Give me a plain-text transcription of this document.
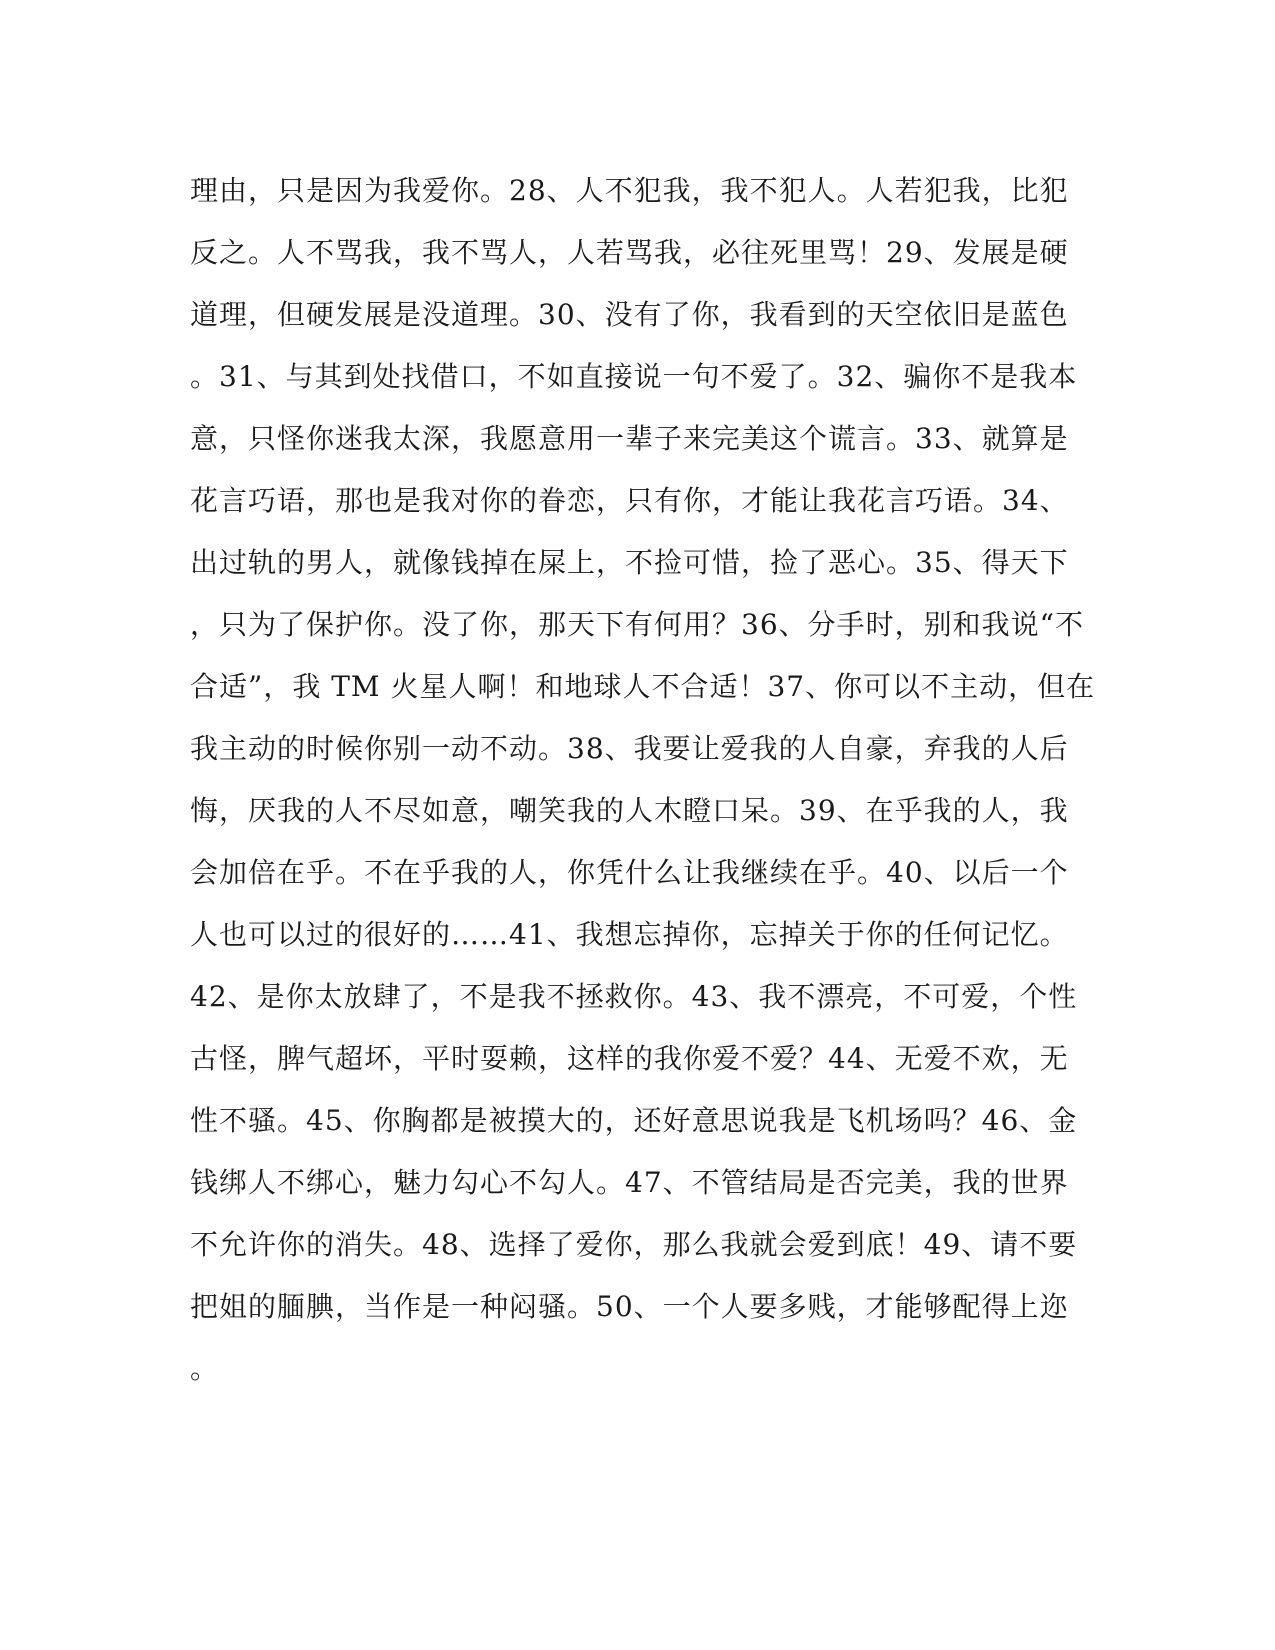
理由，只是因为我爱你。28、人不犯我，我不犯人。人若犯我，比犯
反之。人不骂我，我不骂人，人若骂我，必往死里骂！29、发展是硬
道理，但硬发展是没道理。30、没有了你，我看到的天空依旧是蓝色
。31、与其到处找借口，不如直接说一句不爱了。32、骗你不是我本
意，只怪你迷我太深，我愿意用一辈子来完美这个谎言。33、就算是
花言巧语，那也是我对你的眷恋，只有你，才能让我花言巧语。34、
出过轨的男人，就像钱掉在屎上，不捡可惜，捡了恶心。35、得天下
，只为了保护你。没了你，那天下有何用？36、分手时，别和我说“不
合适”，我 TM 火星人啊！和地球人不合适！37、你可以不主动，但在
我主动的时候你别一动不动。38、我要让爱我的人自豪，弃我的人后
悔，厌我的人不尽如意，嘲笑我的人木瞪口呆。39、在乎我的人，我
会加倍在乎。不在乎我的人，你凭什么让我继续在乎。40、以后一个
人也可以过的很好的……41、我想忘掉你，忘掉关于你的任何记忆。
42、是你太放肆了，不是我不拯救你。43、我不漂亮，不可爱，个性
古怪，脾气超坏，平时耍赖，这样的我你爱不爱？44、无爱不欢，无
性不骚。45、你胸都是被摸大的，还好意思说我是飞机场吗？46、金
钱绑人不绑心，魅力勾心不勾人。47、不管结局是否完美，我的世界
不允许你的消失。48、选择了爱你，那么我就会爱到底！49、请不要
把姐的腼腆，当作是一种闷骚。50、一个人要多贱，才能够配得上迩
。
